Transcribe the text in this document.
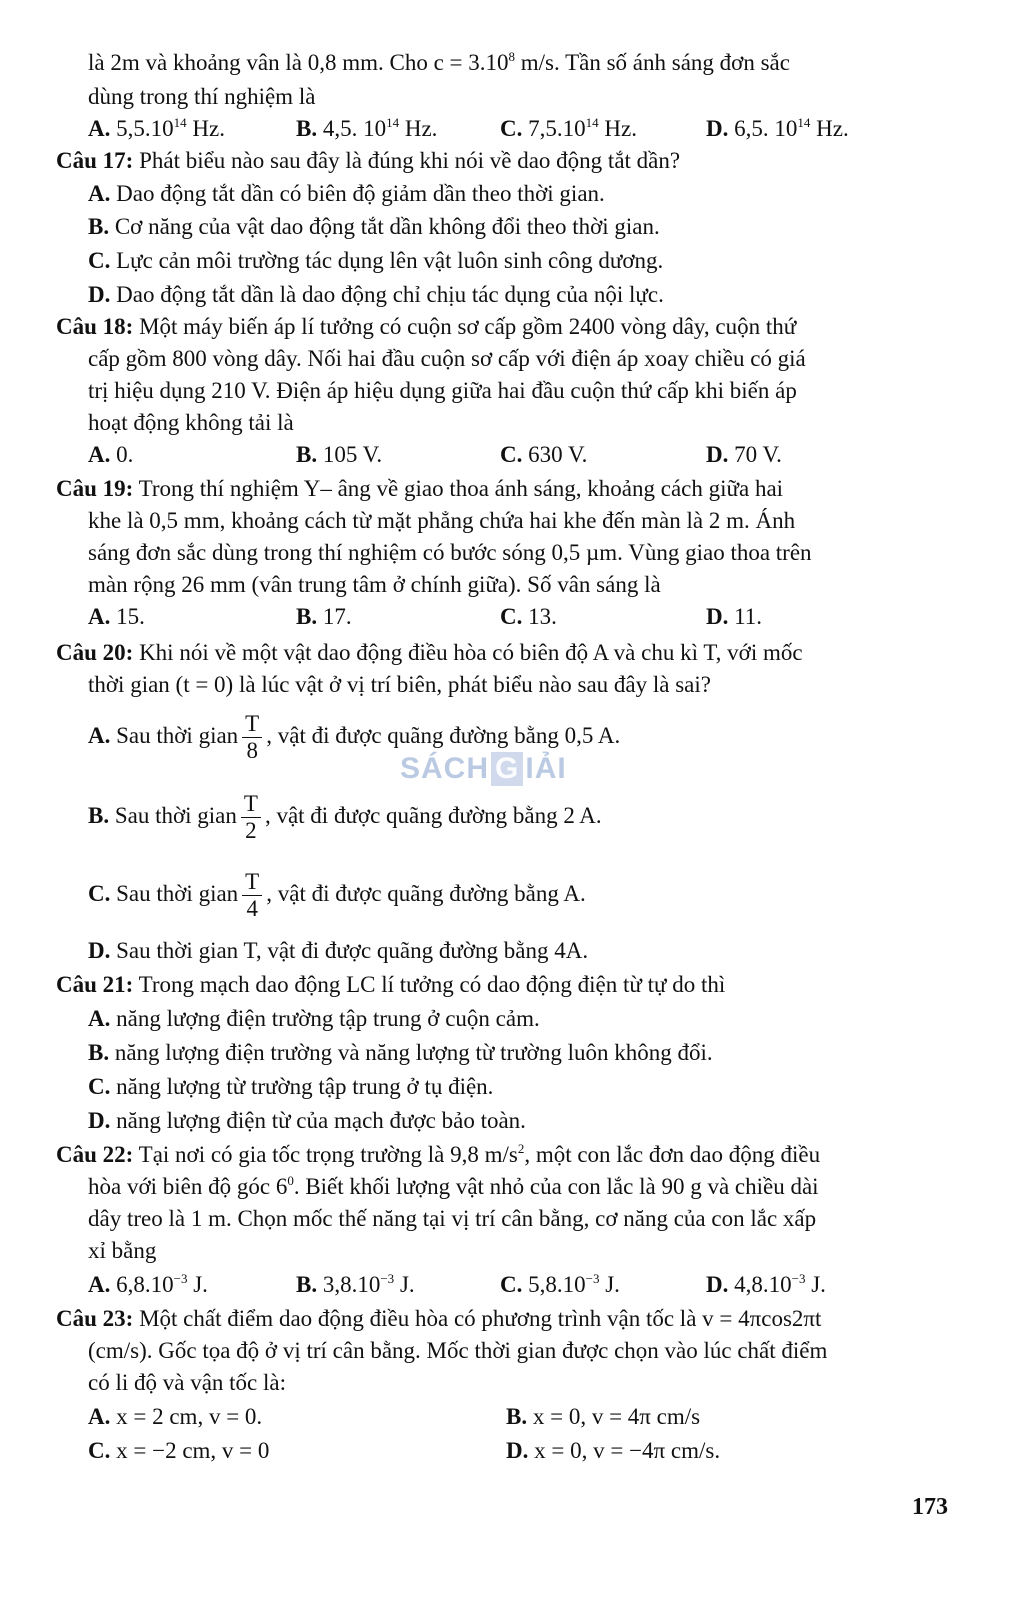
là 2m và khoảng vân là 0,8 mm. Cho $c = 3.10^8$ m/s. Tần số ánh sáng đơn sắc
dùng trong thí nghiệm là
A. 5,5.10$^{14}$ Hz.	B. 4,5. $10^{14}$ Hz.	C. 7,5.10$^{14}$ Hz.	D. 6,5. $10^{14}$ Hz.
Câu 17: Phát biểu nào sau đây là đúng khi nói về dao động tắt dần?
A. Dao động tắt dần có biên độ giảm dần theo thời gian.
B. Cơ năng của vật dao động tắt dần không đổi theo thời gian.
C. Lực cản môi trường tác dụng lên vật luôn sinh công dương.
D. Dao động tắt dần là dao động chỉ chịu tác dụng của nội lực.
Câu 18: Một máy biến áp lí tưởng có cuộn sơ cấp gồm 2400 vòng dây, cuộn thứ
cấp gồm 800 vòng dây. Nối hai đầu cuộn sơ cấp với điện áp xoay chiều có giá
trị hiệu dụng 210 V. Điện áp hiệu dụng giữa hai đầu cuộn thứ cấp khi biến áp
hoạt động không tải là
A. 0.	B. 105 V.	C. 630 V.	D. 70 V.
Câu 19: Trong thí nghiệm Y– âng về giao thoa ánh sáng, khoảng cách giữa hai
khe là 0,5 mm, khoảng cách từ mặt phẳng chứa hai khe đến màn là 2 m. Ánh
sáng đơn sắc dùng trong thí nghiệm có bước sóng 0,5 µm. Vùng giao thoa trên
màn rộng 26 mm (vân trung tâm ở chính giữa). Số vân sáng là
A. 15.	B. 17.	C. 13.	D. 11.
Câu 20: Khi nói về một vật dao động điều hòa có biên độ A và chu kì T, với mốc
thời gian (t = 0) là lúc vật ở vị trí biên, phát biểu nào sau đây là sai?
A. Sau thời gian $\frac{T}{8}$ , vật đi được quãng đường bằng 0,5 A.
B. Sau thời gian $\frac{T}{2}$ , vật đi được quãng đường bằng 2 A.
C. Sau thời gian $\frac{T}{4}$ , vật đi được quãng đường bằng A.
D. Sau thời gian T, vật đi được quãng đường bằng 4A.
Câu 21: Trong mạch dao động LC lí tưởng có dao động điện từ tự do thì
A. năng lượng điện trường tập trung ở cuộn cảm.
B. năng lượng điện trường và năng lượng từ trường luôn không đổi.
C. năng lượng từ trường tập trung ở tụ điện.
D. năng lượng điện từ của mạch được bảo toàn.
Câu 22: Tại nơi có gia tốc trọng trường là 9,8 $m/s^2$, một con lắc đơn dao động điều
hòa với biên độ góc $6^0$. Biết khối lượng vật nhỏ của con lắc là 90 g và chiều dài
dây treo là 1 m. Chọn mốc thế năng tại vị trí cân bằng, cơ năng của con lắc xấp
xỉ bằng
A. $6,8.10^{-3}$ J.	B. $3,8.10^{-3}$ J.	C. $5,8.10^{-3}$ J.	D. $4,8.10^{-3}$ J.
Câu 23: Một chất điểm dao động điều hòa có phương trình vận tốc là v = 4πcos2πt
(cm/s). Gốc tọa độ ở vị trí cân bằng. Mốc thời gian được chọn vào lúc chất điểm
có li độ và vận tốc là:
A. x = 2 cm, v = 0.	B. x = 0, v = 4π cm/s
C. x = −2 cm, v = 0	D. x = 0, v = −4π cm/s.
SÁCH G IẢI
173
